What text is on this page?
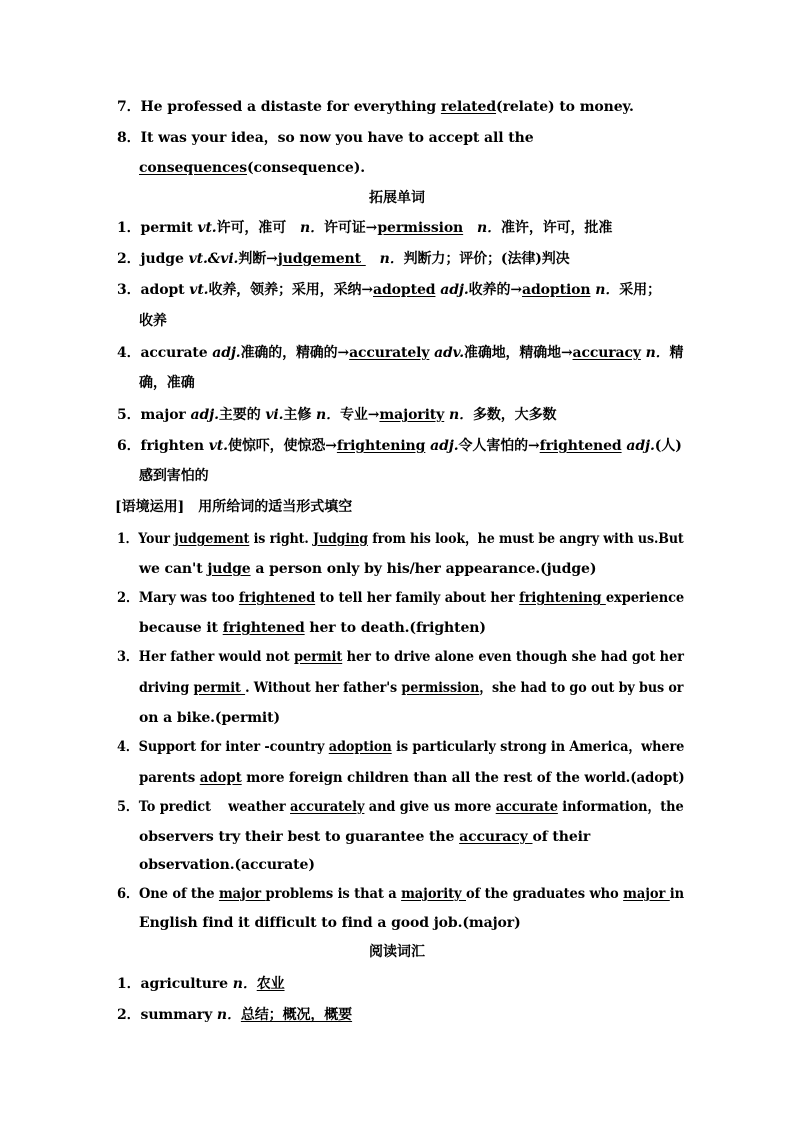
7．He professed a distaste for everything related(relate) to money.
8．It was your idea，so now you have to accept all the
consequences(consequence).
拓展单词
1．permit vt.许可，准可　n．许可证→permission　 n．准许，许可，批准
2．judge vt.&vi.判断→judgement 　n．判断力；评价；(法律)判决
3．adopt vt.收养，领养；采用，采纳→adopted adj.收养的→adoption n．采用；
收养
4．accurate adj.准确的，精确的→accurately adv.准确地，精确地→accuracy n．精
确，准确
5．major adj.主要的 vi.主修 n．专业→majority n．多数，大多数
6．frighten vt.使惊吓，使惊恐→frightening adj.令人害怕的→frightened adj.(人)
感到害怕的
[语境运用]　用所给词的适当形式填空
1．Your judgement is right. Judging from his look，he must be angry with us.But
we can't judge a person only by his/her appearance.(judge)
2．Mary was too frightened to tell her family about her frightening experience
because it frightened her to death.(frighten)
3．Her father would not permit her to drive alone even though she had got her
driving permit . Without her father's permission，she had to go out by bus or
on a bike.(permit)
4．Support for inter -country adoption is particularly strong in America，where
parents adopt more foreign children than all the rest of the world.(adopt)
5．To predict 　weather accurately and give us more accurate information，the
observers try their best to guarantee the accuracy of their
observation.(accurate)
6．One of the major problems is that a majority of the graduates who major in
English find it difficult to find a good job.(major)
阅读词汇
1．agriculture n．农业
2．summary n．总结；概况，概要
